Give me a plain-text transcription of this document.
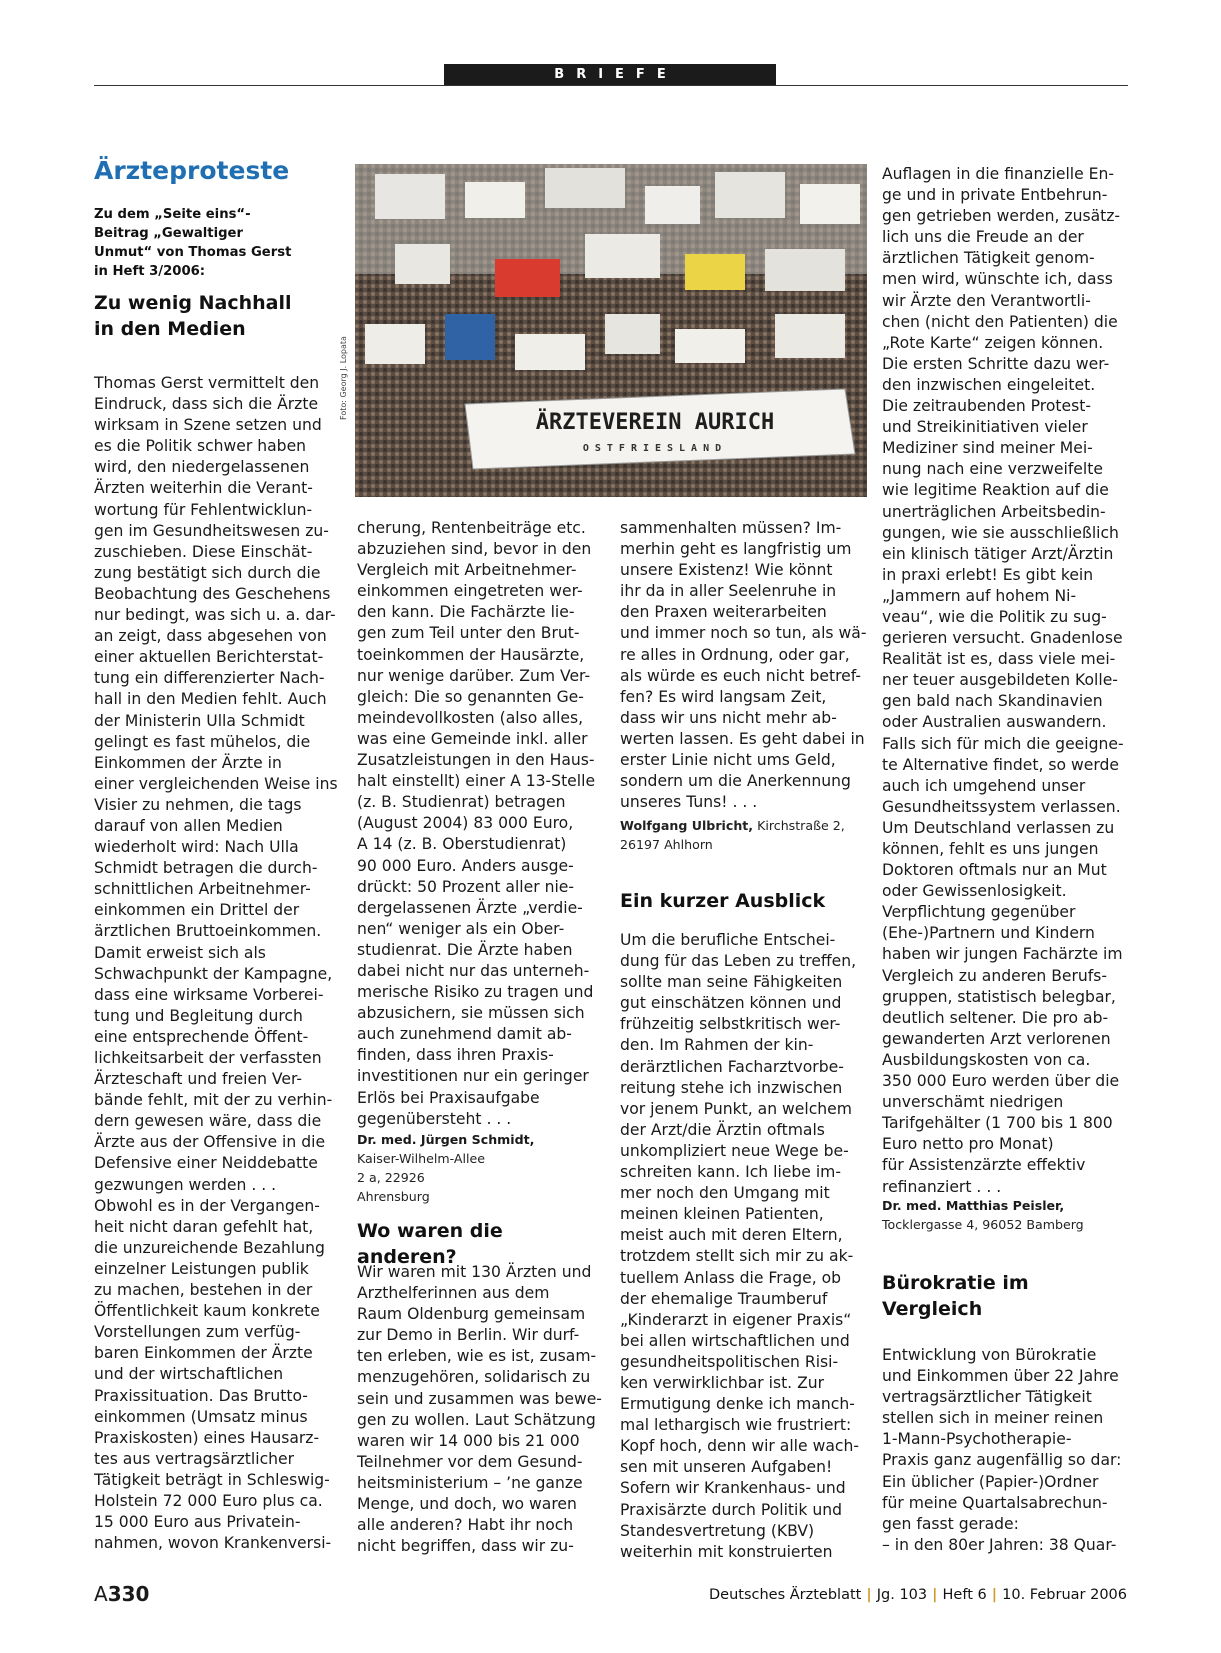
BRIEFE
Ärzteproteste
Zu dem „Seite eins“-Beitrag „Gewaltiger Unmut“ von Thomas Gerst in Heft 3/2006:
Zu wenig Nachhall in den Medien
Thomas Gerst vermittelt den
Eindruck, dass sich die Ärzte
wirksam in Szene setzen und
es die Politik schwer haben
wird, den niedergelassenen
Ärzten weiterhin die Verant-
wortung für Fehlentwicklun-
gen im Gesundheitswesen zu-
zuschieben. Diese Einschät-
zung bestätigt sich durch die
Beobachtung des Geschehens
nur bedingt, was sich u. a. dar-
an zeigt, dass abgesehen von
einer aktuellen Berichterstat-
tung ein differenzierter Nach-
hall in den Medien fehlt. Auch
der Ministerin Ulla Schmidt
gelingt es fast mühelos, die
Einkommen der Ärzte in
einer vergleichenden Weise ins
Visier zu nehmen, die tags
darauf von allen Medien
wiederholt wird: Nach Ulla
Schmidt betragen die durch-
schnittlichen Arbeitnehmer-
einkommen ein Drittel der
ärztlichen Bruttoeinkommen.
Damit erweist sich als
Schwachpunkt der Kampagne,
dass eine wirksame Vorberei-
tung und Begleitung durch
eine entsprechende Öffent-
lichkeitsarbeit der verfassten
Ärzteschaft und freien Ver-
bände fehlt, mit der zu verhin-
dern gewesen wäre, dass die
Ärzte aus der Offensive in die
Defensive einer Neiddebatte
gezwungen werden . . .
Obwohl es in der Vergangen-
heit nicht daran gefehlt hat,
die unzureichende Bezahlung
einzelner Leistungen publik
zu machen, bestehen in der
Öffentlichkeit kaum konkrete
Vorstellungen zum verfüg-
baren Einkommen der Ärzte
und der wirtschaftlichen
Praxissituation. Das Brutto-
einkommen (Umsatz minus
Praxiskosten) eines Hausarz-
tes aus vertragsärztlicher
Tätigkeit beträgt in Schleswig-
Holstein 72 000 Euro plus ca.
15 000 Euro aus Privatein-
nahmen, wovon Krankenversi-
ÄRZTEVEREIN AURICH
OSTFRIESLAND
Foto: Georg J. Lopata
cherung, Rentenbeiträge etc.
abzuziehen sind, bevor in den
Vergleich mit Arbeitnehmer-
einkommen eingetreten wer-
den kann. Die Fachärzte lie-
gen zum Teil unter den Brut-
toeinkommen der Hausärzte,
nur wenige darüber. Zum Ver-
gleich: Die so genannten Ge-
meindevollkosten (also alles,
was eine Gemeinde inkl. aller
Zusatzleistungen in den Haus-
halt einstellt) einer A 13-Stelle
(z. B. Studienrat) betragen
(August 2004) 83 000 Euro,
A 14 (z. B. Oberstudienrat)
90 000 Euro. Anders ausge-
drückt: 50 Prozent aller nie-
dergelassenen Ärzte „verdie-
nen“ weniger als ein Ober-
studienrat. Die Ärzte haben
dabei nicht nur das unterneh-
merische Risiko zu tragen und
abzusichern, sie müssen sich
auch zunehmend damit ab-
finden, dass ihren Praxis-
investitionen nur ein geringer
Erlös bei Praxisaufgabe
gegenübersteht . . .
Dr. med. Jürgen Schmidt,
Kaiser-Wilhelm-Allee 2 a, 22926 Ahrensburg
Wo waren die anderen?
Wir waren mit 130 Ärzten und
Arzthelferinnen aus dem
Raum Oldenburg gemeinsam
zur Demo in Berlin. Wir durf-
ten erleben, wie es ist, zusam-
menzugehören, solidarisch zu
sein und zusammen was bewe-
gen zu wollen. Laut Schätzung
waren wir 14 000 bis 21 000
Teilnehmer vor dem Gesund-
heitsministerium – ’ne ganze
Menge, und doch, wo waren
alle anderen? Habt ihr noch
nicht begriffen, dass wir zu-
sammenhalten müssen? Im-
merhin geht es langfristig um
unsere Existenz! Wie könnt
ihr da in aller Seelenruhe in
den Praxen weiterarbeiten
und immer noch so tun, als wä-
re alles in Ordnung, oder gar,
als würde es euch nicht betref-
fen? Es wird langsam Zeit,
dass wir uns nicht mehr ab-
werten lassen. Es geht dabei in
erster Linie nicht ums Geld,
sondern um die Anerkennung
unseres Tuns! . . .
Wolfgang Ulbricht, Kirchstraße 2, 26197 Ahlhorn
Ein kurzer Ausblick
Um die berufliche Entschei-
dung für das Leben zu treffen,
sollte man seine Fähigkeiten
gut einschätzen können und
frühzeitig selbstkritisch wer-
den. Im Rahmen der kin-
derärztlichen Facharztvorbe-
reitung stehe ich inzwischen
vor jenem Punkt, an welchem
der Arzt/die Ärztin oftmals
unkompliziert neue Wege be-
schreiten kann. Ich liebe im-
mer noch den Umgang mit
meinen kleinen Patienten,
meist auch mit deren Eltern,
trotzdem stellt sich mir zu ak-
tuellem Anlass die Frage, ob
der ehemalige Traumberuf
„Kinderarzt in eigener Praxis“
bei allen wirtschaftlichen und
gesundheitspolitischen Risi-
ken verwirklichbar ist. Zur
Ermutigung denke ich manch-
mal lethargisch wie frustriert:
Kopf hoch, denn wir alle wach-
sen mit unseren Aufgaben!
Sofern wir Krankenhaus- und
Praxisärzte durch Politik und
Standesvertretung (KBV)
weiterhin mit konstruierten
Auflagen in die finanzielle En-
ge und in private Entbehrun-
gen getrieben werden, zusätz-
lich uns die Freude an der
ärztlichen Tätigkeit genom-
men wird, wünschte ich, dass
wir Ärzte den Verantwortli-
chen (nicht den Patienten) die
„Rote Karte“ zeigen können.
Die ersten Schritte dazu wer-
den inzwischen eingeleitet.
Die zeitraubenden Protest-
und Streikinitiativen vieler
Mediziner sind meiner Mei-
nung nach eine verzweifelte
wie legitime Reaktion auf die
unerträglichen Arbeitsbedin-
gungen, wie sie ausschließlich
ein klinisch tätiger Arzt/Ärztin
in praxi erlebt! Es gibt kein
„Jammern auf hohem Ni-
veau“, wie die Politik zu sug-
gerieren versucht. Gnadenlose
Realität ist es, dass viele mei-
ner teuer ausgebildeten Kolle-
gen bald nach Skandinavien
oder Australien auswandern.
Falls sich für mich die geeigne-
te Alternative findet, so werde
auch ich umgehend unser
Gesundheitssystem verlassen.
Um Deutschland verlassen zu
können, fehlt es uns jungen
Doktoren oftmals nur an Mut
oder Gewissenlosigkeit.
Verpflichtung gegenüber
(Ehe-)Partnern und Kindern
haben wir jungen Fachärzte im
Vergleich zu anderen Berufs-
gruppen, statistisch belegbar,
deutlich seltener. Die pro ab-
gewanderten Arzt verlorenen
Ausbildungskosten von ca.
350 000 Euro werden über die
unverschämt niedrigen
Tarifgehälter (1 700 bis 1 800
Euro netto pro Monat)
für Assistenzärzte effektiv
refinanziert . . .
Dr. med. Matthias Peisler,
Tocklergasse 4, 96052 Bamberg
Bürokratie im Vergleich
Entwicklung von Bürokratie
und Einkommen über 22 Jahre
vertragsärztlicher Tätigkeit
stellen sich in meiner reinen
1-Mann-Psychotherapie-
Praxis ganz augenfällig so dar:
Ein üblicher (Papier-)Ordner
für meine Quartalsabrechun-
gen fasst gerade:
– in den 80er Jahren: 38 Quar-
A330	Deutsches Ärzteblatt | Jg. 103 | Heft 6 | 10. Februar 2006
